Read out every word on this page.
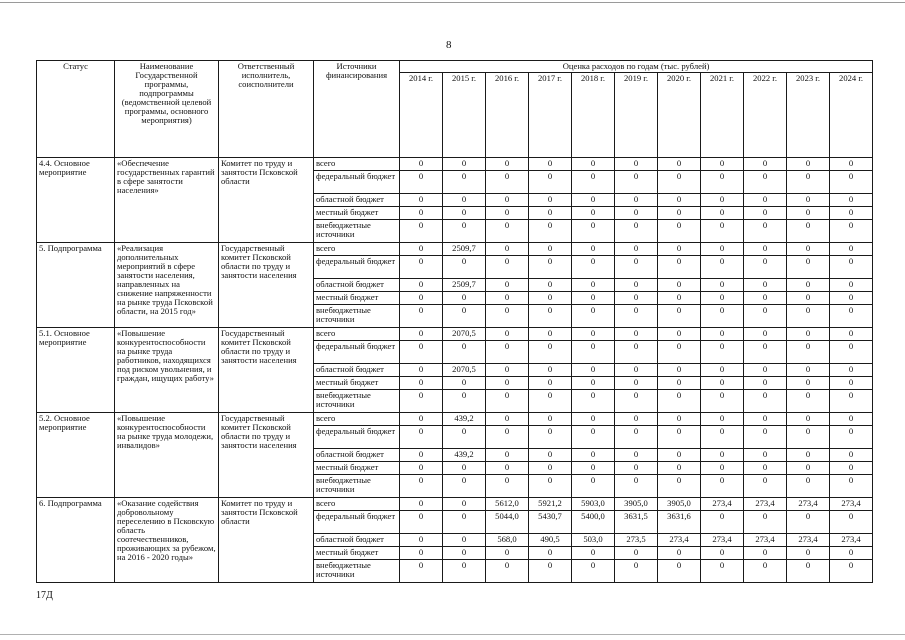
8
Статус	Наименование Государственной программы, подпрограммы (ведомственной целевой программы, основного мероприятия)	Ответственный исполнитель, соисполнители	Источники финансирования	Оценка расходов по годам (тыс. рублей)										
				2014 г.	2015 г.	2016 г.	2017 г.	2018 г.	2019 г.	2020 г.	2021 г.	2022 г.	2023 г.	2024 г.
4.4. Основное мероприятие	«Обеспечение государственных гарантий в сфере занятости населения»	Комитет по труду и занятости Псковской области	всего	0	0	0	0	0	0	0	0	0	0	0
			федеральный бюджет	0	0	0	0	0	0	0	0	0	0	0
			областной бюджет	0	0	0	0	0	0	0	0	0	0	0
			местный бюджет	0	0	0	0	0	0	0	0	0	0	0
			внебюджетные источники	0	0	0	0	0	0	0	0	0	0	0
5. Подпрограмма	«Реализация дополнительных мероприятий в сфере занятости населения, направленных на снижение напряженности на рынке труда Псковской области, на 2015 год»	Государственный комитет Псковской области по труду и занятости населения	всего	0	2509,7	0	0	0	0	0	0	0	0	0
			федеральный бюджет	0	0	0	0	0	0	0	0	0	0	0
			областной бюджет	0	2509,7	0	0	0	0	0	0	0	0	0
			местный бюджет	0	0	0	0	0	0	0	0	0	0	0
			внебюджетные источники	0	0	0	0	0	0	0	0	0	0	0
5.1. Основное мероприятие	«Повышение конкурентоспособности на рынке труда работников, находящихся под риском увольнения, и граждан, ищущих работу»	Государственный комитет Псковской области по труду и занятости населения	всего	0	2070,5	0	0	0	0	0	0	0	0	0
			федеральный бюджет	0	0	0	0	0	0	0	0	0	0	0
			областной бюджет	0	2070,5	0	0	0	0	0	0	0	0	0
			местный бюджет	0	0	0	0	0	0	0	0	0	0	0
			внебюджетные источники	0	0	0	0	0	0	0	0	0	0	0
5.2. Основное мероприятие	«Повышение конкурентоспособности на рынке труда молодежи, инвалидов»	Государственный комитет Псковской области по труду и занятости населения	всего	0	439,2	0	0	0	0	0	0	0	0	0
			федеральный бюджет	0	0	0	0	0	0	0	0	0	0	0
			областной бюджет	0	439,2	0	0	0	0	0	0	0	0	0
			местный бюджет	0	0	0	0	0	0	0	0	0	0	0
			внебюджетные источники	0	0	0	0	0	0	0	0	0	0	0
6. Подпрограмма	«Оказание содействия добровольному переселению в Псковскую область соотечественников, проживающих за рубежом, на 2016 - 2020 годы»	Комитет по труду и занятости Псковской области	всего	0	0	5612,0	5921,2	5903,0	3905,0	3905,0	273,4	273,4	273,4	273,4
			федеральный бюджет	0	0	5044,0	5430,7	5400,0	3631,5	3631,6	0	0	0	0
			областной бюджет	0	0	568,0	490,5	503,0	273,5	273,4	273,4	273,4	273,4	273,4
			местный бюджет	0	0	0	0	0	0	0	0	0	0	0
			внебюджетные источники	0	0	0	0	0	0	0	0	0	0	0
17Д
